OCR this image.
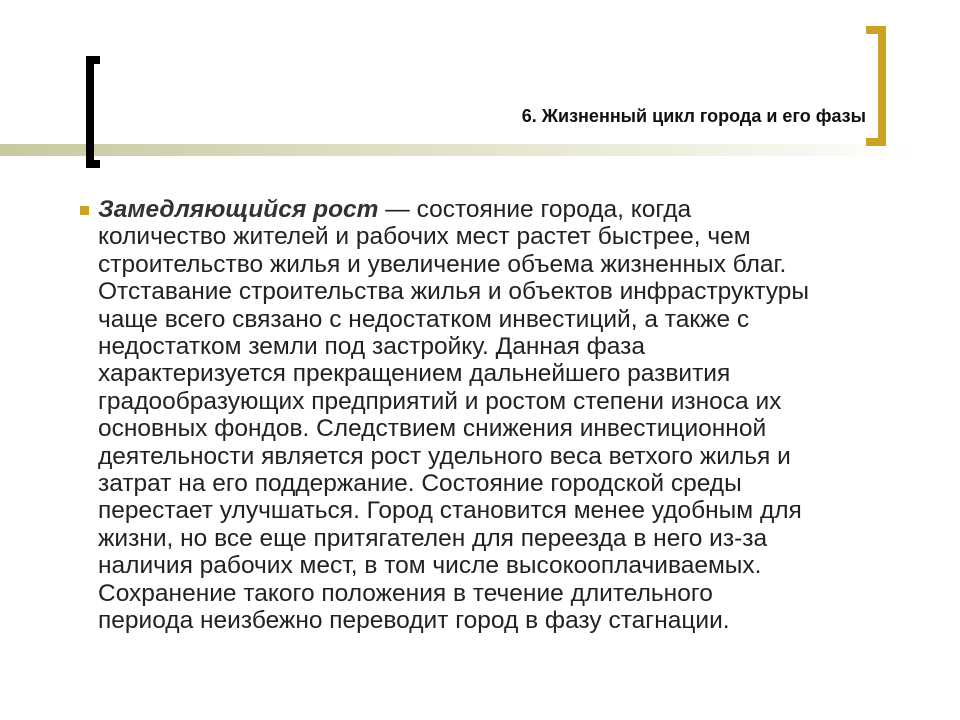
6. Жизненный цикл города и его фазы
Замедляющийся рост — состояние города, когда
количество жителей и рабочих мест растет быстрее, чем
строительство жилья и увеличение объема жизненных благ.
Отставание строительства жилья и объектов инфраструктуры
чаще всего связано с недостатком инвестиций, а также с
недостатком земли под застройку. Данная фаза
характеризуется прекращением дальнейшего развития
градообразующих предприятий и ростом степени износа их
основных фондов. Следствием снижения инвестиционной
деятельности является рост удельного веса ветхого жилья и
затрат на его поддержание. Состояние городской среды
перестает улучшаться. Город становится менее удобным для
жизни, но все еще притягателен для переезда в него из-за
наличия рабочих мест, в том числе высокооплачиваемых.
Сохранение такого положения в течение длительного
периода неизбежно переводит город в фазу стагнации.
